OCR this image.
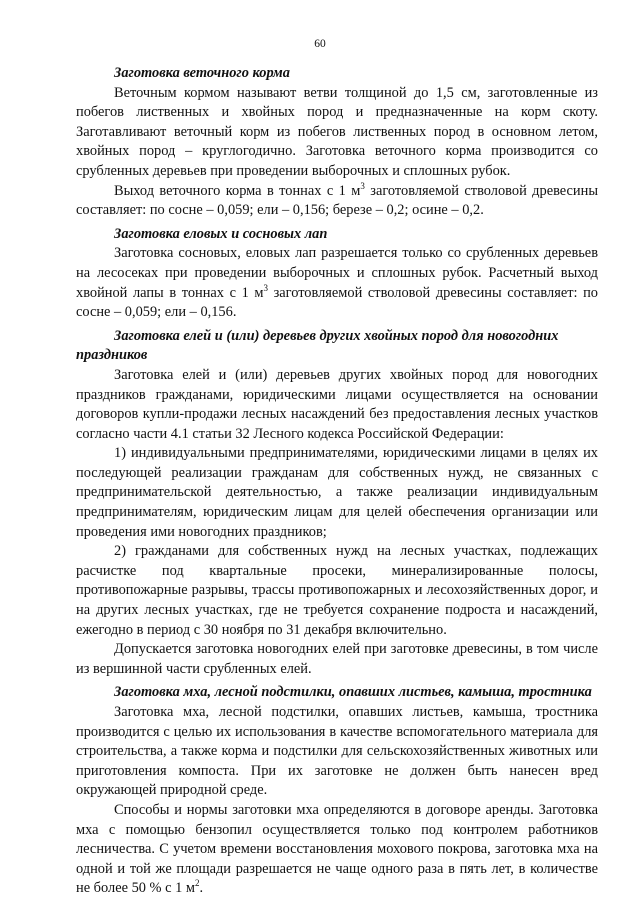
60
Заготовка веточного корма

Веточным кормом называют ветви толщиной до 1,5 см, заготовленные из побегов лиственных и хвойных пород и предназначенные на корм скоту. Заготавливают веточный корм из побегов лиственных пород в основном летом, хвойных пород – круглогодично. Заготовка веточного корма производится со срубленных деревьев при проведении выборочных и сплошных рубок.

Выход веточного корма в тоннах с 1 $м^3$ заготовляемой стволовой древесины составляет: по сосне – 0,059; ели – 0,156; березе – 0,2; осине – 0,2.

Заготовка еловых и сосновых лап

Заготовка сосновых, еловых лап разрешается только со срубленных деревьев на лесосеках при проведении выборочных и сплошных рубок. Расчетный выход хвойной лапы в тоннах с 1 $м^3$ заготовляемой стволовой древесины составляет: по сосне – 0,059; ели – 0,156.

Заготовка елей и (или) деревьев других хвойных пород для новогодних праздников

Заготовка елей и (или) деревьев других хвойных пород для новогодних праздников гражданами, юридическими лицами осуществляется на основании договоров купли-продажи лесных насаждений без предоставления лесных участков согласно части 4.1 статьи 32 Лесного кодекса Российской Федерации:

1) индивидуальными предпринимателями, юридическими лицами в целях их последующей реализации гражданам для собственных нужд, не связанных с предпринимательской деятельностью, а также реализации индивидуальным предпринимателям, юридическим лицам для целей обеспечения организации или проведения ими новогодних праздников;

2) гражданами для собственных нужд на лесных участках, подлежащих расчистке под квартальные просеки, минерализированные полосы, противопожарные разрывы, трассы противопожарных и лесохозяйственных дорог, и на других лесных участках, где не требуется сохранение подроста и насаждений, ежегодно в период с 30 ноября по 31 декабря включительно.

Допускается заготовка новогодних елей при заготовке древесины, в том числе из вершинной части срубленных елей.

Заготовка мха, лесной подстилки, опавших листьев, камыша, тростника

Заготовка мха, лесной подстилки, опавших листьев, камыша, тростника производится с целью их использования в качестве вспомогательного материала для строительства, а также корма и подстилки для сельскохозяйственных животных или приготовления компоста. При их заготовке не должен быть нанесен вред окружающей природной среде.

Способы и нормы заготовки мха определяются в договоре аренды. Заготовка мха с помощью бензопил осуществляется только под контролем работников лесничества. С учетом времени восстановления мохового покрова, заготовка мха на одной и той же площади разрешается не чаще одного раза в пять лет, в количестве не более 50 % с 1 $м^2$.
